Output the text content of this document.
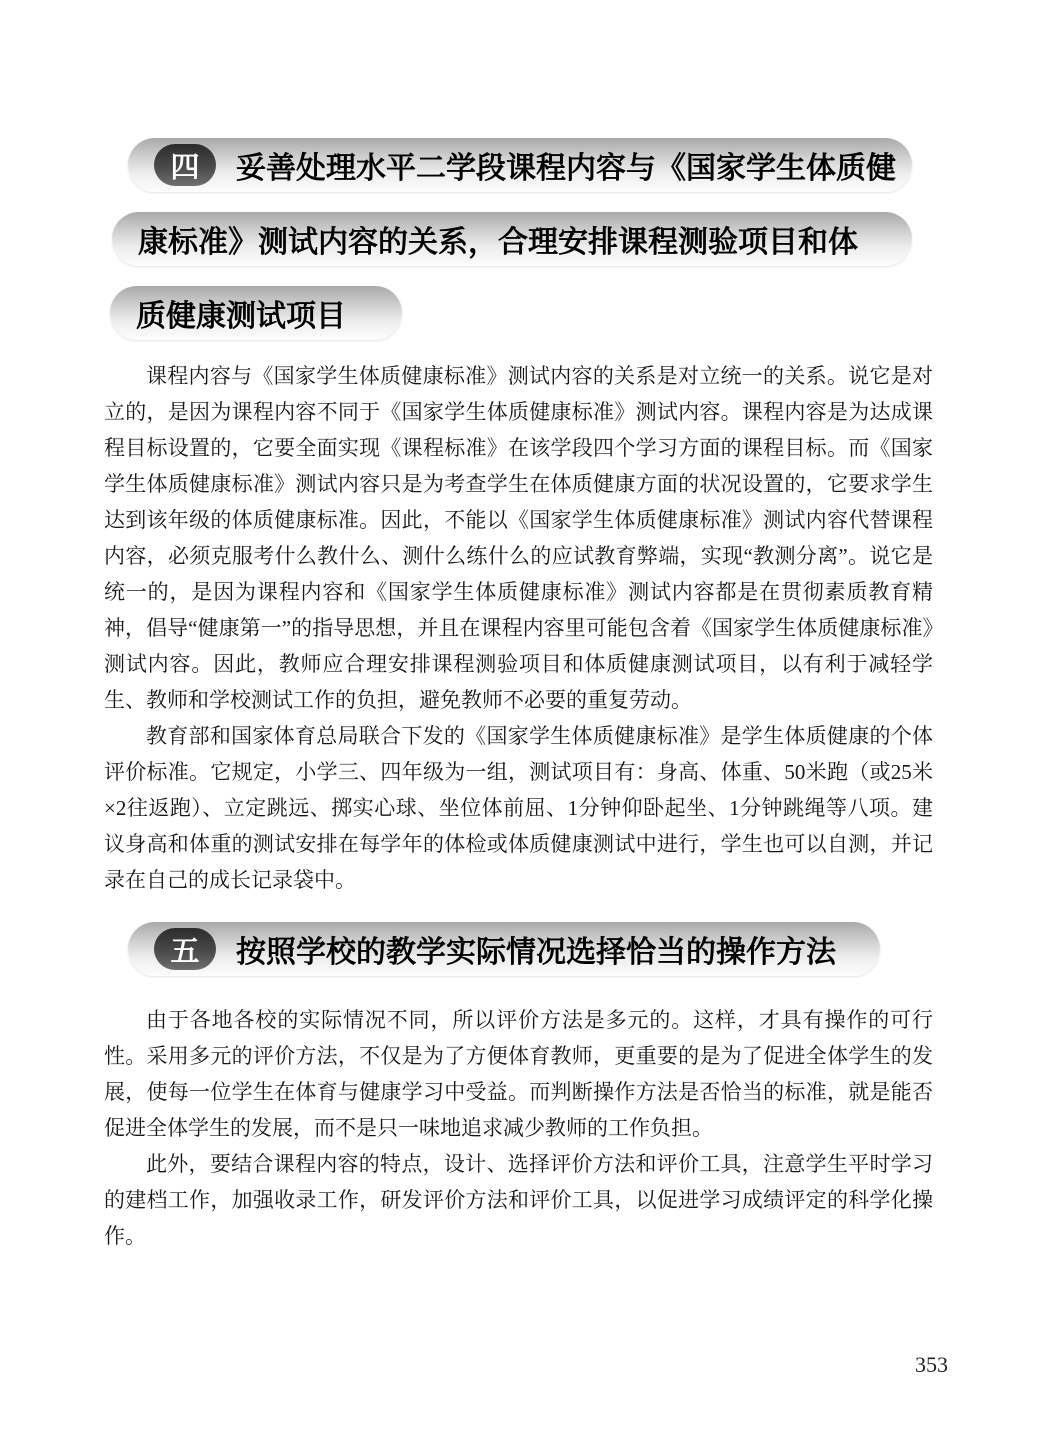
四	妥善处理水平二学段课程内容与《国家学生体质健
康标准》测试内容的关系，合理安排课程测验项目和体
质健康测试项目

课程内容与《国家学生体质健康标准》测试内容的关系是对立统一的关系。说它是对立的，是因为课程内容不同于《国家学生体质健康标准》测试内容。课程内容是为达成课程目标设置的，它要全面实现《课程标准》在该学段四个学习方面的课程目标。而《国家学生体质健康标准》测试内容只是为考查学生在体质健康方面的状况设置的，它要求学生达到该年级的体质健康标准。因此，不能以《国家学生体质健康标准》测试内容代替课程内容，必须克服考什么教什么、测什么练什么的应试教育弊端，实现“教测分离”。说它是统一的，是因为课程内容和《国家学生体质健康标准》测试内容都是在贯彻素质教育精神，倡导“健康第一”的指导思想，并且在课程内容里可能包含着《国家学生体质健康标准》测试内容。因此，教师应合理安排课程测验项目和体质健康测试项目，以有利于减轻学生、教师和学校测试工作的负担，避免教师不必要的重复劳动。

教育部和国家体育总局联合下发的《国家学生体质健康标准》是学生体质健康的个体评价标准。它规定，小学三、四年级为一组，测试项目有：身高、体重、50米跑（或25米×2往返跑）、立定跳远、掷实心球、坐位体前屈、1分钟仰卧起坐、1分钟跳绳等八项。建议身高和体重的测试安排在每学年的体检或体质健康测试中进行，学生也可以自测，并记录在自己的成长记录袋中。

五	按照学校的教学实际情况选择恰当的操作方法

由于各地各校的实际情况不同，所以评价方法是多元的。这样，才具有操作的可行性。采用多元的评价方法，不仅是为了方便体育教师，更重要的是为了促进全体学生的发展，使每一位学生在体育与健康学习中受益。而判断操作方法是否恰当的标准，就是能否促进全体学生的发展，而不是只一味地追求减少教师的工作负担。

此外，要结合课程内容的特点，设计、选择评价方法和评价工具，注意学生平时学习的建档工作，加强收录工作，研发评价方法和评价工具，以促进学习成绩评定的科学化操作。

353
